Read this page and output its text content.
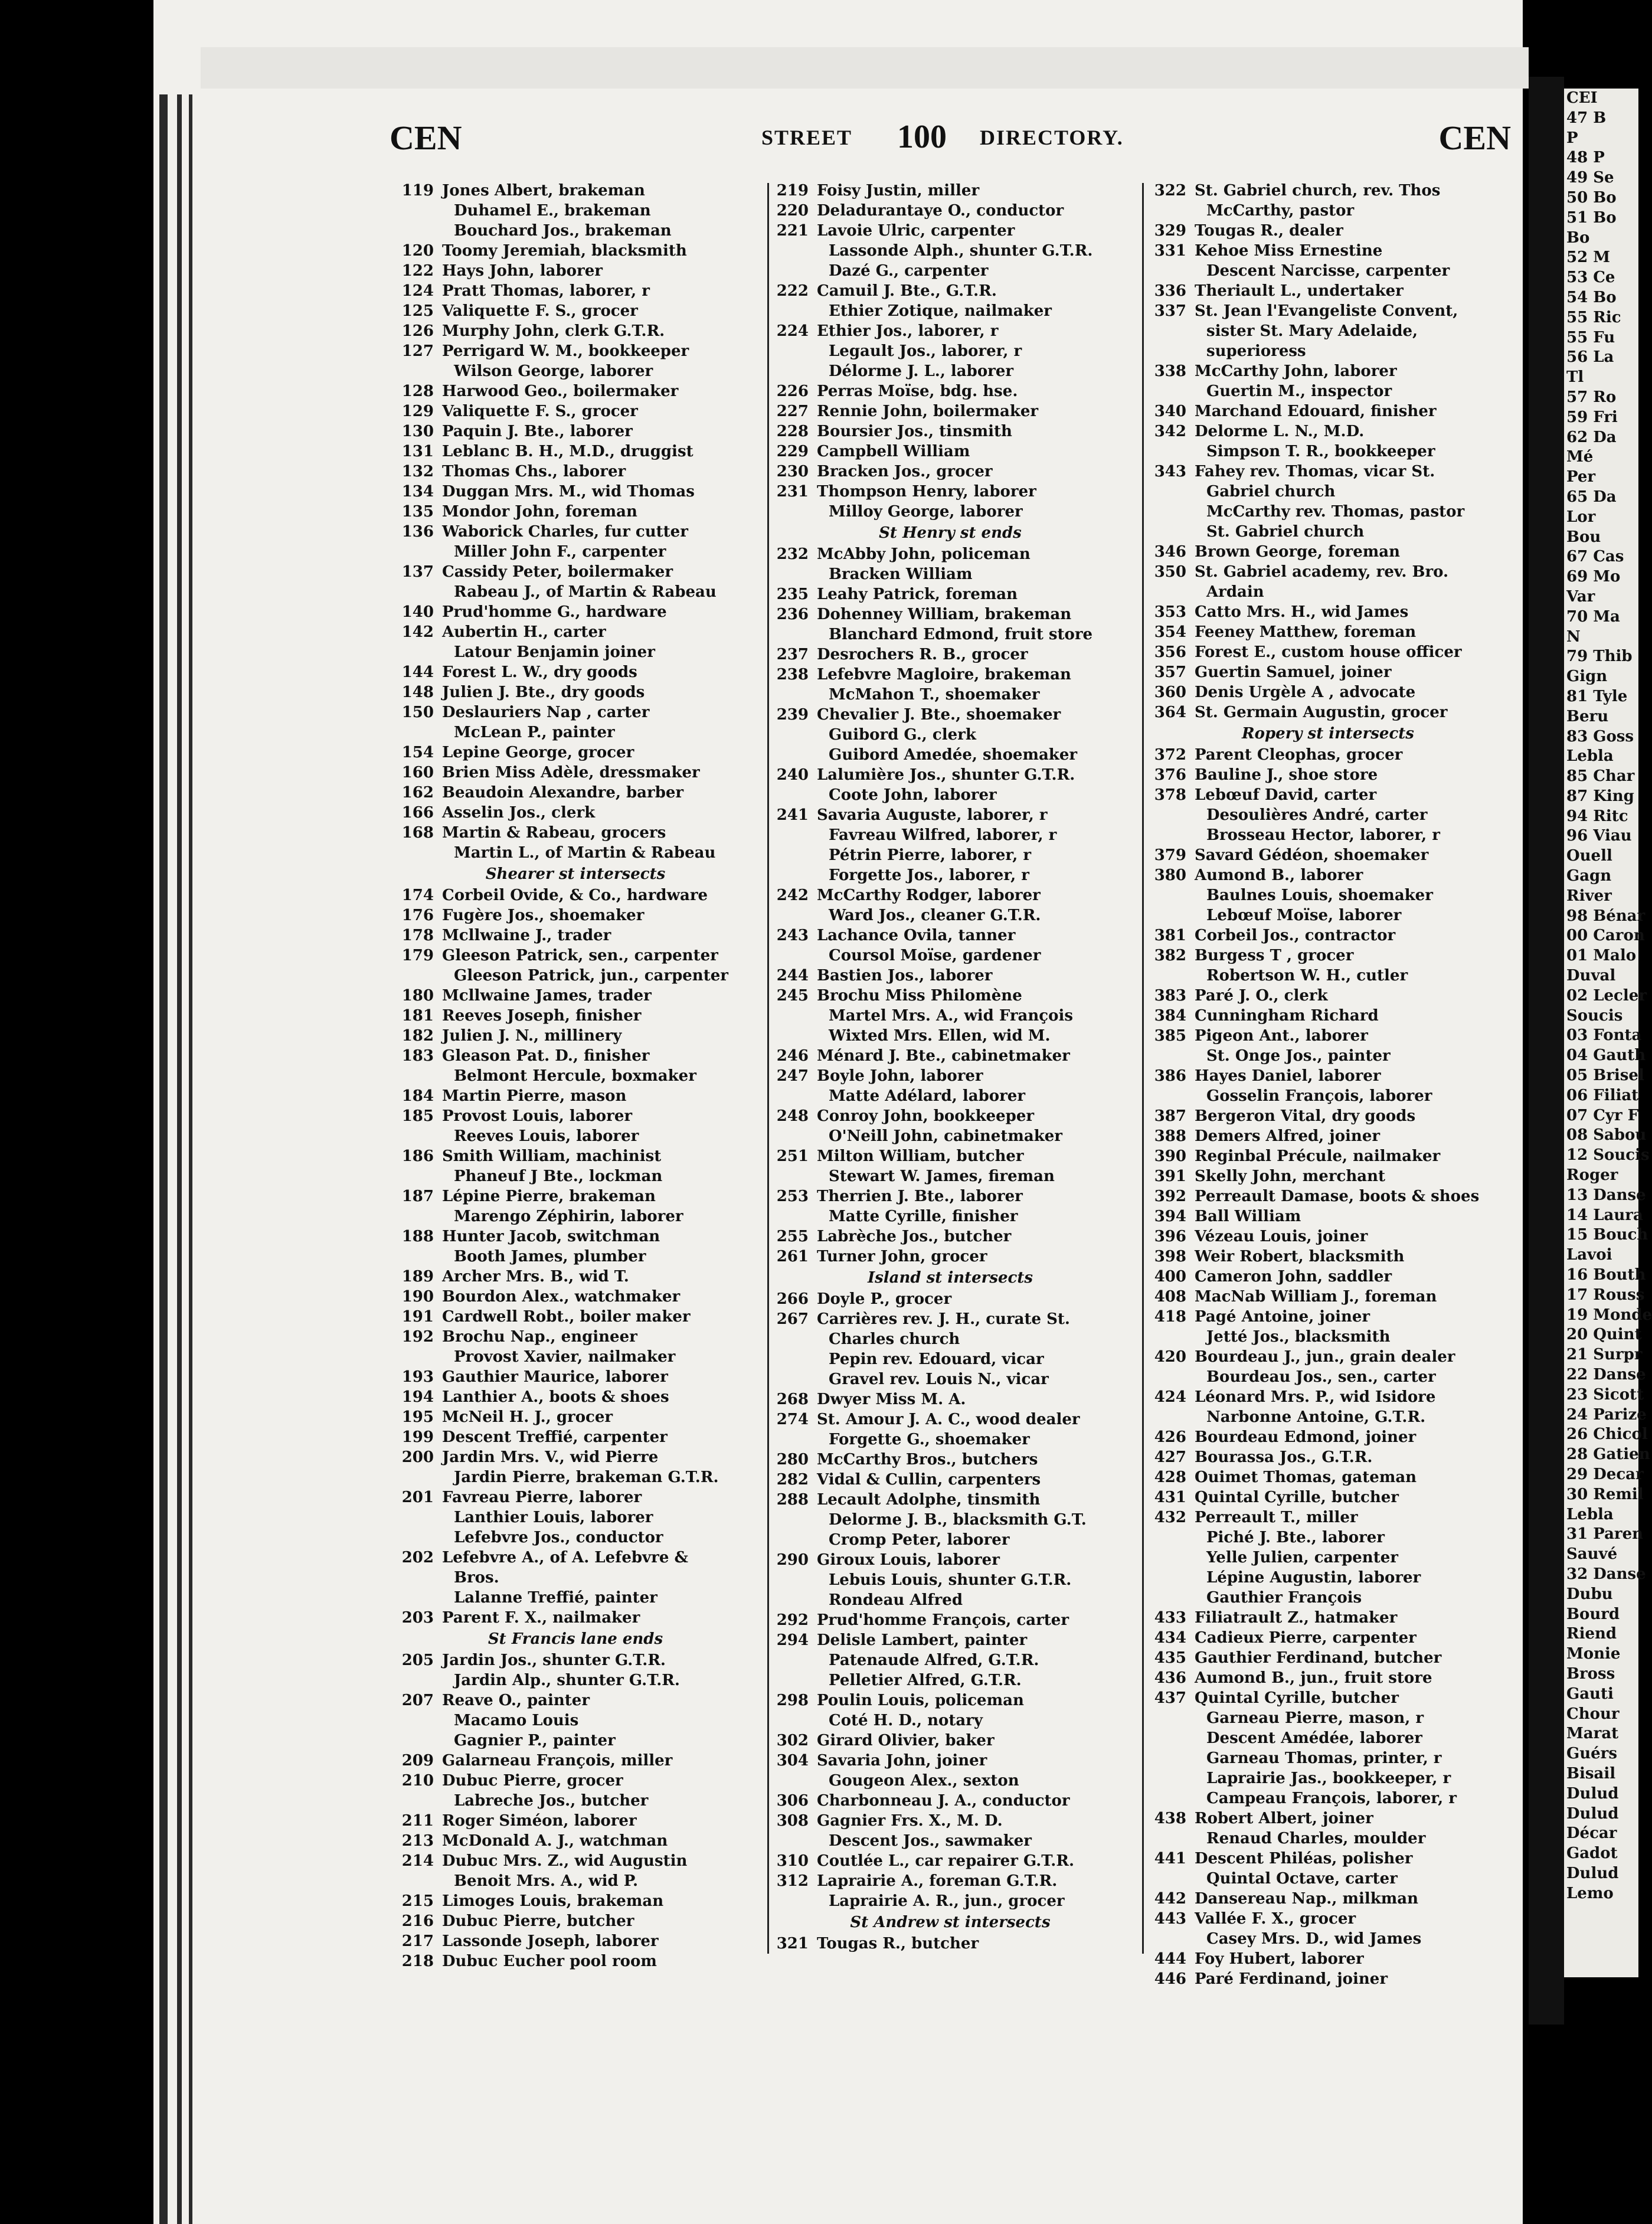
CEI
47 B
P
48 P
49 Se
50 Bo
51 Bo
Bo
52 M
53 Ce
54 Bo
55 Ric
55 Fu
56 La
Tl
57 Ro
59 Fri
62 Da
Mé
Per
65 Da
Lor
Bou
67 Cas
69 Mo
Var
70 Ma
N
79 Thib
Gign
81 Tyle
Beru
83 Goss
Lebla
85 Char
87 King
94 Ritc
96 Viau
Ouell
Gagn
River
98 Bénar
00 Caron
01 Malo
Duval
02 Lecler
Soucis
03 Fonta
04 Gauth
05 Brisel
06 Filiat
07 Cyr F
08 Sabou
12 Soucis
Roger
13 Danse
14 Laura
15 Bouch
Lavoi
16 Bouth
17 Rouss
19 Monde
20 Quint
21 Surpr
22 Danse
23 Sicott
24 Parize
26 Chicol
28 Gatien
29 Decar
30 Remil
Lebla
31 Paren
Sauvé
32 Danse
Dubu
Bourd
Riend
Monie
Bross
Gauti
Chour
Marat
Guérs
Bisail
Dulud
Dulud
Décar
Gadot
Dulud
Lemo
CEN	STREET 100 DIRECTORY.	CEN
119 Jones Albert, brakeman
Duhamel E., brakeman
Bouchard Jos., brakeman
120 Toomy Jeremiah, blacksmith
122 Hays John, laborer
124 Pratt Thomas, laborer, r
125 Valiquette F. S., grocer
126 Murphy John, clerk G.T.R.
127 Perrigard W. M., bookkeeper
Wilson George, laborer
128 Harwood Geo., boilermaker
129 Valiquette F. S., grocer
130 Paquin J. Bte., laborer
131 Leblanc B. H., M.D., druggist
132 Thomas Chs., laborer
134 Duggan Mrs. M., wid Thomas
135 Mondor John, foreman
136 Waborick Charles, fur cutter
Miller John F., carpenter
137 Cassidy Peter, boilermaker
Rabeau J., of Martin & Rabeau
140 Prud'homme G., hardware
142 Aubertin H., carter
Latour Benjamin joiner
144 Forest L. W., dry goods
148 Julien J. Bte., dry goods
150 Deslauriers Nap , carter
McLean P., painter
154 Lepine George, grocer
160 Brien Miss Adèle, dressmaker
162 Beaudoin Alexandre, barber
166 Asselin Jos., clerk
168 Martin & Rabeau, grocers
Martin L., of Martin & Rabeau
Shearer st intersects
174 Corbeil Ovide, & Co., hardware
176 Fugère Jos., shoemaker
178 Mcllwaine J., trader
179 Gleeson Patrick, sen., carpenter
Gleeson Patrick, jun., carpenter
180 Mcllwaine James, trader
181 Reeves Joseph, finisher
182 Julien J. N., millinery
183 Gleason Pat. D., finisher
Belmont Hercule, boxmaker
184 Martin Pierre, mason
185 Provost Louis, laborer
Reeves Louis, laborer
186 Smith William, machinist
Phaneuf J Bte., lockman
187 Lépine Pierre, brakeman
Marengo Zéphirin, laborer
188 Hunter Jacob, switchman
Booth James, plumber
189 Archer Mrs. B., wid T.
190 Bourdon Alex., watchmaker
191 Cardwell Robt., boiler maker
192 Brochu Nap., engineer
Provost Xavier, nailmaker
193 Gauthier Maurice, laborer
194 Lanthier A., boots & shoes
195 McNeil H. J., grocer
199 Descent Treffié, carpenter
200 Jardin Mrs. V., wid Pierre
Jardin Pierre, brakeman G.T.R.
201 Favreau Pierre, laborer
Lanthier Louis, laborer
Lefebvre Jos., conductor
202 Lefebvre A., of A. Lefebvre &
Bros.
Lalanne Treffié, painter
203 Parent F. X., nailmaker
St Francis lane ends
205 Jardin Jos., shunter G.T.R.
Jardin Alp., shunter G.T.R.
207 Reave O., painter
Macamo Louis
Gagnier P., painter
209 Galarneau François, miller
210 Dubuc Pierre, grocer
Labreche Jos., butcher
211 Roger Siméon, laborer
213 McDonald A. J., watchman
214 Dubuc Mrs. Z., wid Augustin
Benoit Mrs. A., wid P.
215 Limoges Louis, brakeman
216 Dubuc Pierre, butcher
217 Lassonde Joseph, laborer
218 Dubuc Eucher pool room
219 Foisy Justin, miller
220 Deladurantaye O., conductor
221 Lavoie Ulric, carpenter
Lassonde Alph., shunter G.T.R.
Dazé G., carpenter
222 Camuil J. Bte., G.T.R.
Ethier Zotique, nailmaker
224 Ethier Jos., laborer, r
Legault Jos., laborer, r
Délorme J. L., laborer
226 Perras Moïse, bdg. hse.
227 Rennie John, boilermaker
228 Boursier Jos., tinsmith
229 Campbell William
230 Bracken Jos., grocer
231 Thompson Henry, laborer
Milloy George, laborer
St Henry st ends
232 McAbby John, policeman
Bracken William
235 Leahy Patrick, foreman
236 Dohenney William, brakeman
Blanchard Edmond, fruit store
237 Desrochers R. B., grocer
238 Lefebvre Magloire, brakeman
McMahon T., shoemaker
239 Chevalier J. Bte., shoemaker
Guibord G., clerk
Guibord Amedée, shoemaker
240 Lalumière Jos., shunter G.T.R.
Coote John, laborer
241 Savaria Auguste, laborer, r
Favreau Wilfred, laborer, r
Pétrin Pierre, laborer, r
Forgette Jos., laborer, r
242 McCarthy Rodger, laborer
Ward Jos., cleaner G.T.R.
243 Lachance Ovila, tanner
Coursol Moïse, gardener
244 Bastien Jos., laborer
245 Brochu Miss Philomène
Martel Mrs. A., wid François
Wixted Mrs. Ellen, wid M.
246 Ménard J. Bte., cabinetmaker
247 Boyle John, laborer
Matte Adélard, laborer
248 Conroy John, bookkeeper
O'Neill John, cabinetmaker
251 Milton William, butcher
Stewart W. James, fireman
253 Therrien J. Bte., laborer
Matte Cyrille, finisher
255 Labrèche Jos., butcher
261 Turner John, grocer
Island st intersects
266 Doyle P., grocer
267 Carrières rev. J. H., curate St.
Charles church
Pepin rev. Edouard, vicar
Gravel rev. Louis N., vicar
268 Dwyer Miss M. A.
274 St. Amour J. A. C., wood dealer
Forgette G., shoemaker
280 McCarthy Bros., butchers
282 Vidal & Cullin, carpenters
288 Lecault Adolphe, tinsmith
Delorme J. B., blacksmith G.T.
Cromp Peter, laborer
290 Giroux Louis, laborer
Lebuis Louis, shunter G.T.R.
Rondeau Alfred
292 Prud'homme François, carter
294 Delisle Lambert, painter
Patenaude Alfred, G.T.R.
Pelletier Alfred, G.T.R.
298 Poulin Louis, policeman
Coté H. D., notary
302 Girard Olivier, baker
304 Savaria John, joiner
Gougeon Alex., sexton
306 Charbonneau J. A., conductor
308 Gagnier Frs. X., M. D.
Descent Jos., sawmaker
310 Coutlée L., car repairer G.T.R.
312 Laprairie A., foreman G.T.R.
Laprairie A. R., jun., grocer
St Andrew st intersects
321 Tougas R., butcher
322 St. Gabriel church, rev. Thos
McCarthy, pastor
329 Tougas R., dealer
331 Kehoe Miss Ernestine
Descent Narcisse, carpenter
336 Theriault L., undertaker
337 St. Jean l'Evangeliste Convent,
sister St. Mary Adelaide,
superioress
338 McCarthy John, laborer
Guertin M., inspector
340 Marchand Edouard, finisher
342 Delorme L. N., M.D.
Simpson T. R., bookkeeper
343 Fahey rev. Thomas, vicar St.
Gabriel church
McCarthy rev. Thomas, pastor
St. Gabriel church
346 Brown George, foreman
350 St. Gabriel academy, rev. Bro.
Ardain
353 Catto Mrs. H., wid James
354 Feeney Matthew, foreman
356 Forest E., custom house officer
357 Guertin Samuel, joiner
360 Denis Urgèle A , advocate
364 St. Germain Augustin, grocer
Ropery st intersects
372 Parent Cleophas, grocer
376 Bauline J., shoe store
378 Lebœuf David, carter
Desoulières André, carter
Brosseau Hector, laborer, r
379 Savard Gédéon, shoemaker
380 Aumond B., laborer
Baulnes Louis, shoemaker
Lebœuf Moïse, laborer
381 Corbeil Jos., contractor
382 Burgess T , grocer
Robertson W. H., cutler
383 Paré J. O., clerk
384 Cunningham Richard
385 Pigeon Ant., laborer
St. Onge Jos., painter
386 Hayes Daniel, laborer
Gosselin François, laborer
387 Bergeron Vital, dry goods
388 Demers Alfred, joiner
390 Reginbal Précule, nailmaker
391 Skelly John, merchant
392 Perreault Damase, boots & shoes
394 Ball William
396 Vézeau Louis, joiner
398 Weir Robert, blacksmith
400 Cameron John, saddler
408 MacNab William J., foreman
418 Pagé Antoine, joiner
Jetté Jos., blacksmith
420 Bourdeau J., jun., grain dealer
Bourdeau Jos., sen., carter
424 Léonard Mrs. P., wid Isidore
Narbonne Antoine, G.T.R.
426 Bourdeau Edmond, joiner
427 Bourassa Jos., G.T.R.
428 Ouimet Thomas, gateman
431 Quintal Cyrille, butcher
432 Perreault T., miller
Piché J. Bte., laborer
Yelle Julien, carpenter
Lépine Augustin, laborer
Gauthier François
433 Filiatrault Z., hatmaker
434 Cadieux Pierre, carpenter
435 Gauthier Ferdinand, butcher
436 Aumond B., jun., fruit store
437 Quintal Cyrille, butcher
Garneau Pierre, mason, r
Descent Amédée, laborer
Garneau Thomas, printer, r
Laprairie Jas., bookkeeper, r
Campeau François, laborer, r
438 Robert Albert, joiner
Renaud Charles, moulder
441 Descent Philéas, polisher
Quintal Octave, carter
442 Dansereau Nap., milkman
443 Vallée F. X., grocer
Casey Mrs. D., wid James
444 Foy Hubert, laborer
446 Paré Ferdinand, joiner
